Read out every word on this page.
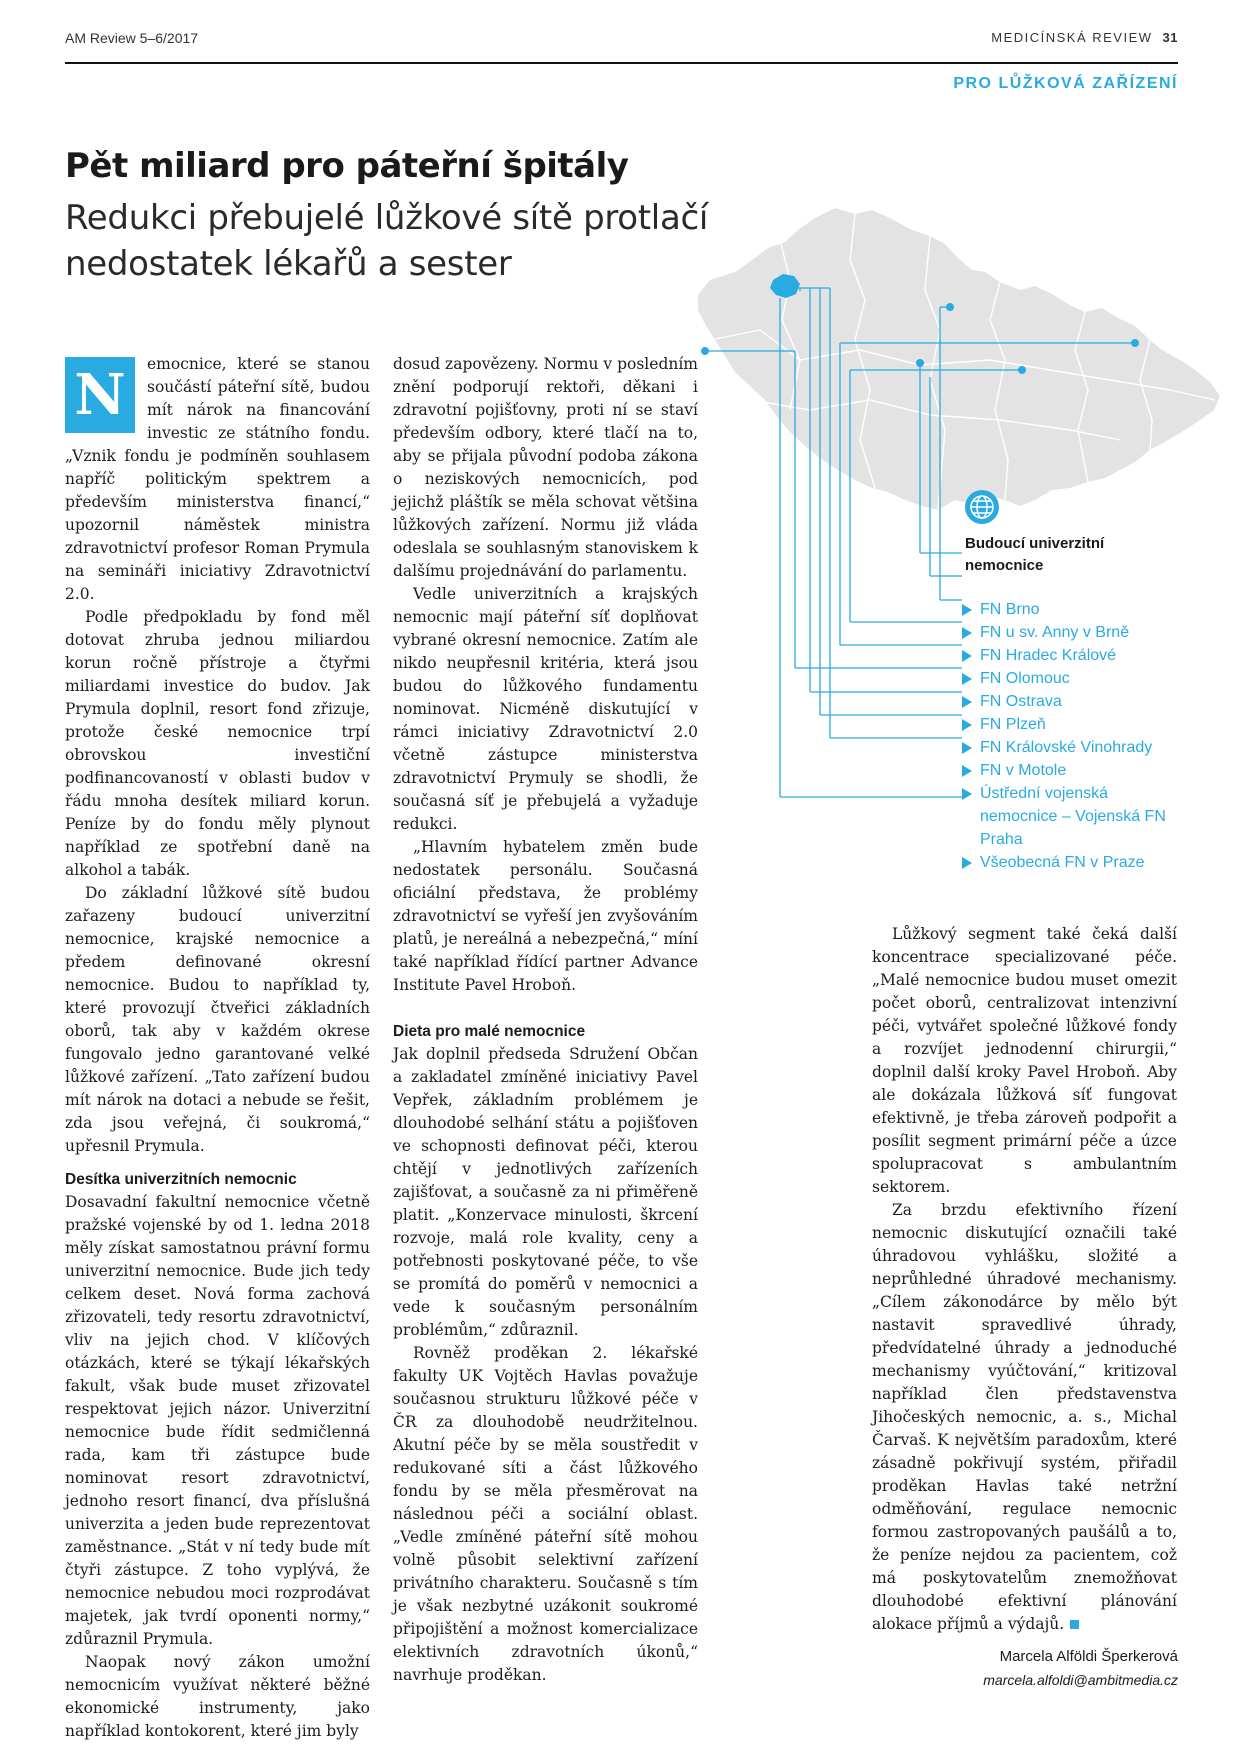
AM Review 5–6/2017	MEDICÍNSKÁ REVIEW 31
PRO LŮŽKOVÁ ZAŘÍZENÍ
Pět miliard pro páteřní špitály
Redukci přebujelé lůžkové sítě protlačí nedostatek lékařů a sester
Budoucí univerzitní nemocnice
FN Brno
FN u sv. Anny v Brně
FN Hradec Králové
FN Olomouc
FN Ostrava
FN Plzeň
FN Královské Vinohrady
FN v Motole
Ústřední vojenská nemocnice – Vojenská FN Praha
Všeobecná FN v Praze
N	emocnice, které se stanou součástí páteřní sítě, budou mít nárok na financování investic ze státního fondu. „Vznik fondu je podmíněn souhlasem napříč politickým spektrem a především ministerstva financí,“ upozornil náměstek ministra zdravotnictví profesor Roman Prymula na semináři iniciativy Zdravotnictví 2.0.

Podle předpokladu by fond měl dotovat zhruba jednou miliardou korun ročně přístroje a čtyřmi miliardami investice do budov. Jak Prymula doplnil, resort fond zřizuje, protože české nemocnice trpí obrovskou investiční podfinancovaností v oblasti budov v řádu mnoha desítek miliard korun. Peníze by do fondu měly plynout například ze spotřební daně na alkohol a tabák.

Do základní lůžkové sítě budou zařazeny budoucí univerzitní nemocnice, krajské nemocnice a předem definované okresní nemocnice. Budou to například ty, které provozují čtveřici základních oborů, tak aby v každém okrese fungovalo jedno garantované velké lůžkové zařízení. „Tato zařízení budou mít nárok na dotaci a nebude se řešit, zda jsou veřejná, či soukromá,“ upřesnil Prymula.

Desítka univerzitních nemocnic

Dosavadní fakultní nemocnice včetně pražské vojenské by od 1. ledna 2018 měly získat samostatnou právní formu univerzitní nemocnice. Bude jich tedy celkem deset. Nová forma zachová zřizovateli, tedy resortu zdravotnictví, vliv na jejich chod. V klíčových otázkách, které se týkají lékařských fakult, však bude muset zřizovatel respektovat jejich názor. Univerzitní nemocnice bude řídit sedmičlenná rada, kam tři zástupce bude nominovat resort zdravotnictví, jednoho resort financí, dva příslušná univerzita a jeden bude reprezentovat zaměstnance. „Stát v ní tedy bude mít čtyři zástupce. Z toho vyplývá, že nemocnice nebudou moci rozprodávat majetek, jak tvrdí oponenti normy,“ zdůraznil Prymula.

Naopak nový zákon umožní nemocnicím využívat některé běžné ekonomické instrumenty, jako například kontokorent, které jim byly

dosud zapovězeny. Normu v posledním znění podporují rektoři, děkani i zdravotní pojišťovny, proti ní se staví především odbory, které tlačí na to, aby se přijala původní podoba zákona o neziskových nemocnicích, pod jejichž pláštík se měla schovat většina lůžkových zařízení. Normu již vláda odeslala se souhlasným stanoviskem k dalšímu projednávání do parlamentu.

Vedle univerzitních a krajských nemocnic mají páteřní síť doplňovat vybrané okresní nemocnice. Zatím ale nikdo neupřesnil kritéria, která jsou budou do lůžkového fundamentu nominovat. Nicméně diskutující v rámci iniciativy Zdravotnictví 2.0 včetně zástupce ministerstva zdravotnictví Prymuly se shodli, že současná síť je přebujelá a vyžaduje redukci.

„Hlavním hybatelem změn bude nedostatek personálu. Současná oficiální představa, že problémy zdravotnictví se vyřeší jen zvyšováním platů, je nereálná a nebezpečná,“ míní také například řídící partner Advance Institute Pavel Hroboň.

Dieta pro malé nemocnice

Jak doplnil předseda Sdružení Občan a zakladatel zmíněné iniciativy Pavel Vepřek, základním problémem je dlouhodobé selhání státu a pojišťoven ve schopnosti definovat péči, kterou chtějí v jednotlivých zařízeních zajišťovat, a současně za ni přiměřeně platit. „Konzervace minulosti, škrcení rozvoje, malá role kvality, ceny a potřebnosti poskytované péče, to vše se promítá do poměrů v nemocnici a vede k současným personálním problémům,“ zdůraznil.

Rovněž proděkan 2. lékařské fakulty UK Vojtěch Havlas považuje současnou strukturu lůžkové péče v ČR za dlouhodobě neudržitelnou. Akutní péče by se měla soustředit v redukované síti a část lůžkového fondu by se měla přesměrovat na následnou péči a sociální oblast. „Vedle zmíněné páteřní sítě mohou volně působit selektivní zařízení privátního charakteru. Současně s tím je však nezbytné uzákonit soukromé připojištění a možnost komercializace elektivních zdravotních úkonů,“ navrhuje proděkan.

Lůžkový segment také čeká další koncentrace specializované péče. „Malé nemocnice budou muset omezit počet oborů, centralizovat intenzivní péči, vytvářet společné lůžkové fondy a rozvíjet jednodenní chirurgii,“ doplnil další kroky Pavel Hroboň. Aby ale dokázala lůžková síť fungovat efektivně, je třeba zároveň podpořit a posílit segment primární péče a úzce spolupracovat s ambulantním sektorem.

Za brzdu efektivního řízení nemocnic diskutující označili také úhradovou vyhlášku, složité a neprůhledné úhradové mechanismy. „Cílem zákonodárce by mělo být nastavit spravedlivé úhrady, předvídatelné úhrady a jednoduché mechanismy vyúčtování,“ kritizoval například člen představenstva Jihočeských nemocnic, a. s., Michal Čarvaš. K největším paradoxům, které zásadně pokřivují systém, přiřadil proděkan Havlas také netržní odměňování, regulace nemocnic formou zastropovaných paušálů a to, že peníze nejdou za pacientem, což má poskytovatelům znemožňovat dlouhodobé efektivní plánování alokace příjmů a výdajů.

Marcela Alföldi Šperkerová
marcela.alfoldi@ambitmedia.cz
